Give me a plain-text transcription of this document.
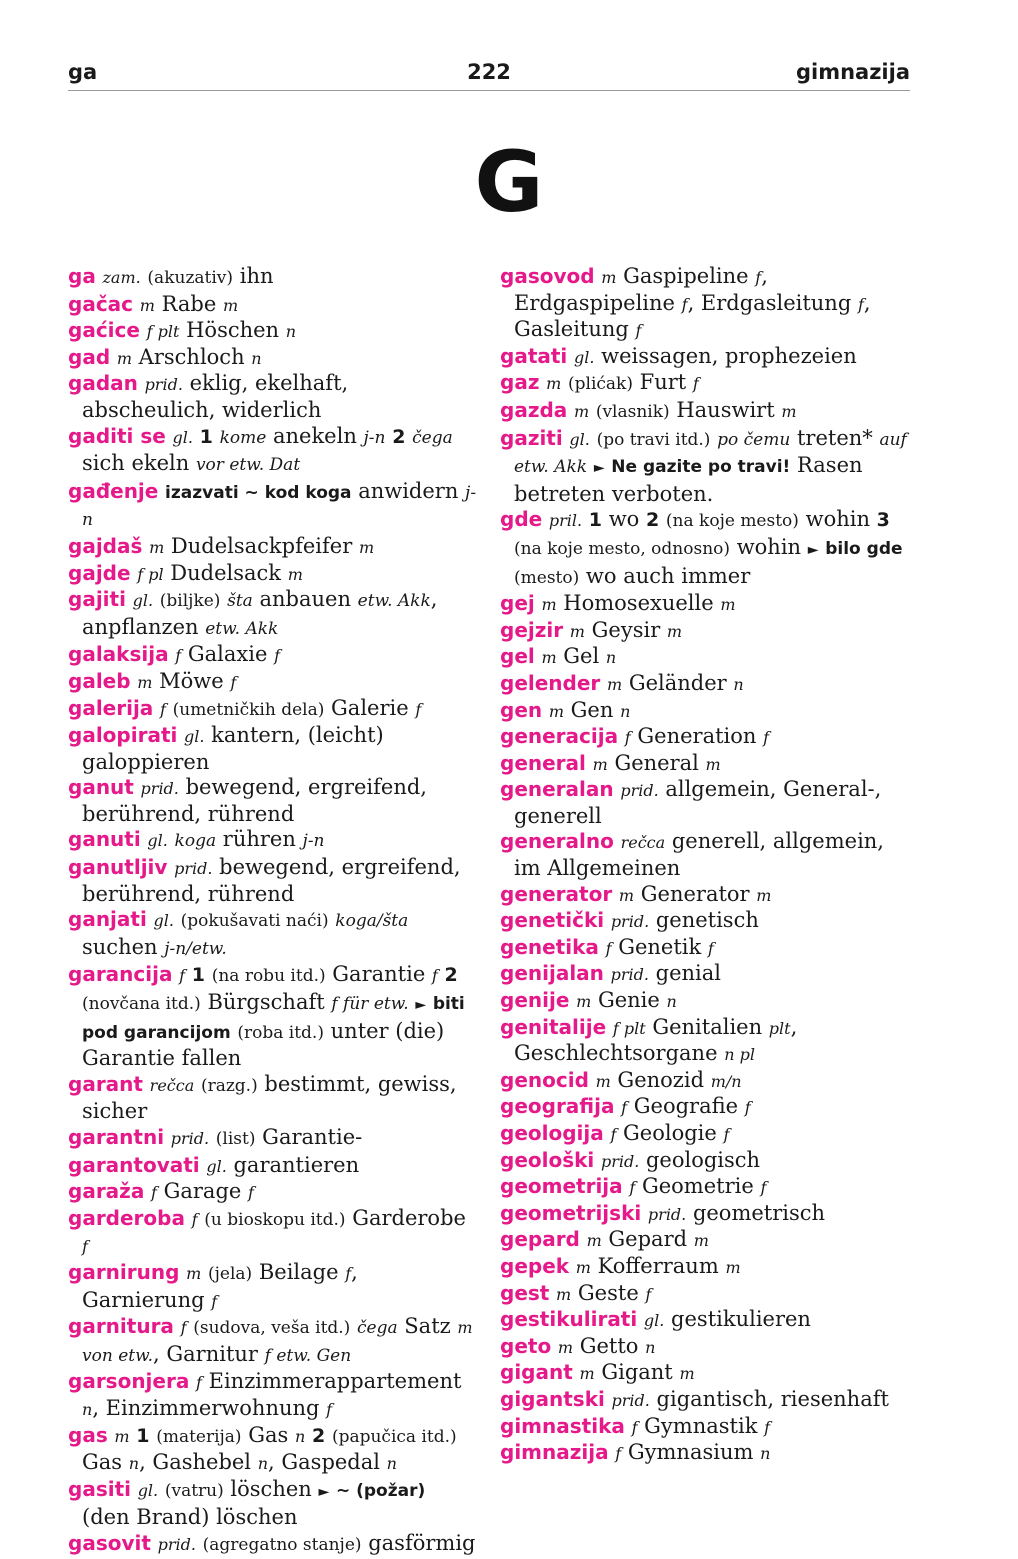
ga	222	gimnazija
G

ga zam. (akuzativ) ihn

gačac m Rabe m

gaćice f plt Höschen n

gad m Arschloch n

gadan prid. eklig, ekelhaft, abscheulich, widerlich

gaditi se gl. 1 kome anekeln j-n 2 čega sich ekeln vor etw. Dat

gađenje izazvati ~ kod koga anwidern j-n

gajdaš m Dudelsackpfeifer m

gajde f pl Dudelsack m

gajiti gl. (biljke) šta anbauen etw. Akk, anpflanzen etw. Akk

galaksija f Galaxie f

galeb m Möwe f

galerija f (umetničkih dela) Galerie f

galopirati gl. kantern, (leicht) galoppieren

ganut prid. bewegend, ergreifend, berührend, rührend

ganuti gl. koga rühren j-n

ganutljiv prid. bewegend, ergreifend, berührend, rührend

ganjati gl. (pokušavati naći) koga/šta suchen j-n/etw.

garancija f 1 (na robu itd.) Garantie f 2 (novčana itd.) Bürgschaft f für etw. ► biti pod garancijom (roba itd.) unter (die) Garantie fallen

garant rečca (razg.) bestimmt, gewiss, sicher

garantni prid. (list) Garantie-

garantovati gl. garantieren

garaža f Garage f

garderoba f (u bioskopu itd.) Garderobe f

garnirung m (jela) Beilage f, Garnierung f

garnitura f (sudova, veša itd.) čega Satz m von etw., Garnitur f etw. Gen

garsonjera f Einzimmerappartement n, Einzimmerwohnung f

gas m 1 (materija) Gas n 2 (papučica itd.) Gas n, Gashebel n, Gaspedal n

gasiti gl. (vatru) löschen ► ~ (požar) (den Brand) löschen

gasovit prid. (agregatno stanje) gasförmig

gasovod m Gaspipeline f, Erdgaspipeline f, Erdgasleitung f, Gasleitung f

gatati gl. weissagen, prophezeien

gaz m (plićak) Furt f

gazda m (vlasnik) Hauswirt m

gaziti gl. (po travi itd.) po čemu treten* auf etw. Akk ► Ne gazite po travi! Rasen betreten verboten.

gde pril. 1 wo 2 (na koje mesto) wohin 3 (na koje mesto, odnosno) wohin ► bilo gde (mesto) wo auch immer

gej m Homosexuelle m

gejzir m Geysir m

gel m Gel n

gelender m Geländer n

gen m Gen n

generacija f Generation f

general m General m

generalan prid. allgemein, General-, generell

generalno rečca generell, allgemein, im Allgemeinen

generator m Generator m

genetički prid. genetisch

genetika f Genetik f

genijalan prid. genial

genije m Genie n

genitalije f plt Genitalien plt, Geschlechtsorgane n pl

genocid m Genozid m/n

geografija f Geografie f

geologija f Geologie f

geološki prid. geologisch

geometrija f Geometrie f

geometrijski prid. geometrisch

gepard m Gepard m

gepek m Kofferraum m

gest m Geste f

gestikulirati gl. gestikulieren

geto m Getto n

gigant m Gigant m

gigantski prid. gigantisch, riesenhaft

gimnastika f Gymnastik f

gimnazija f Gymnasium n
